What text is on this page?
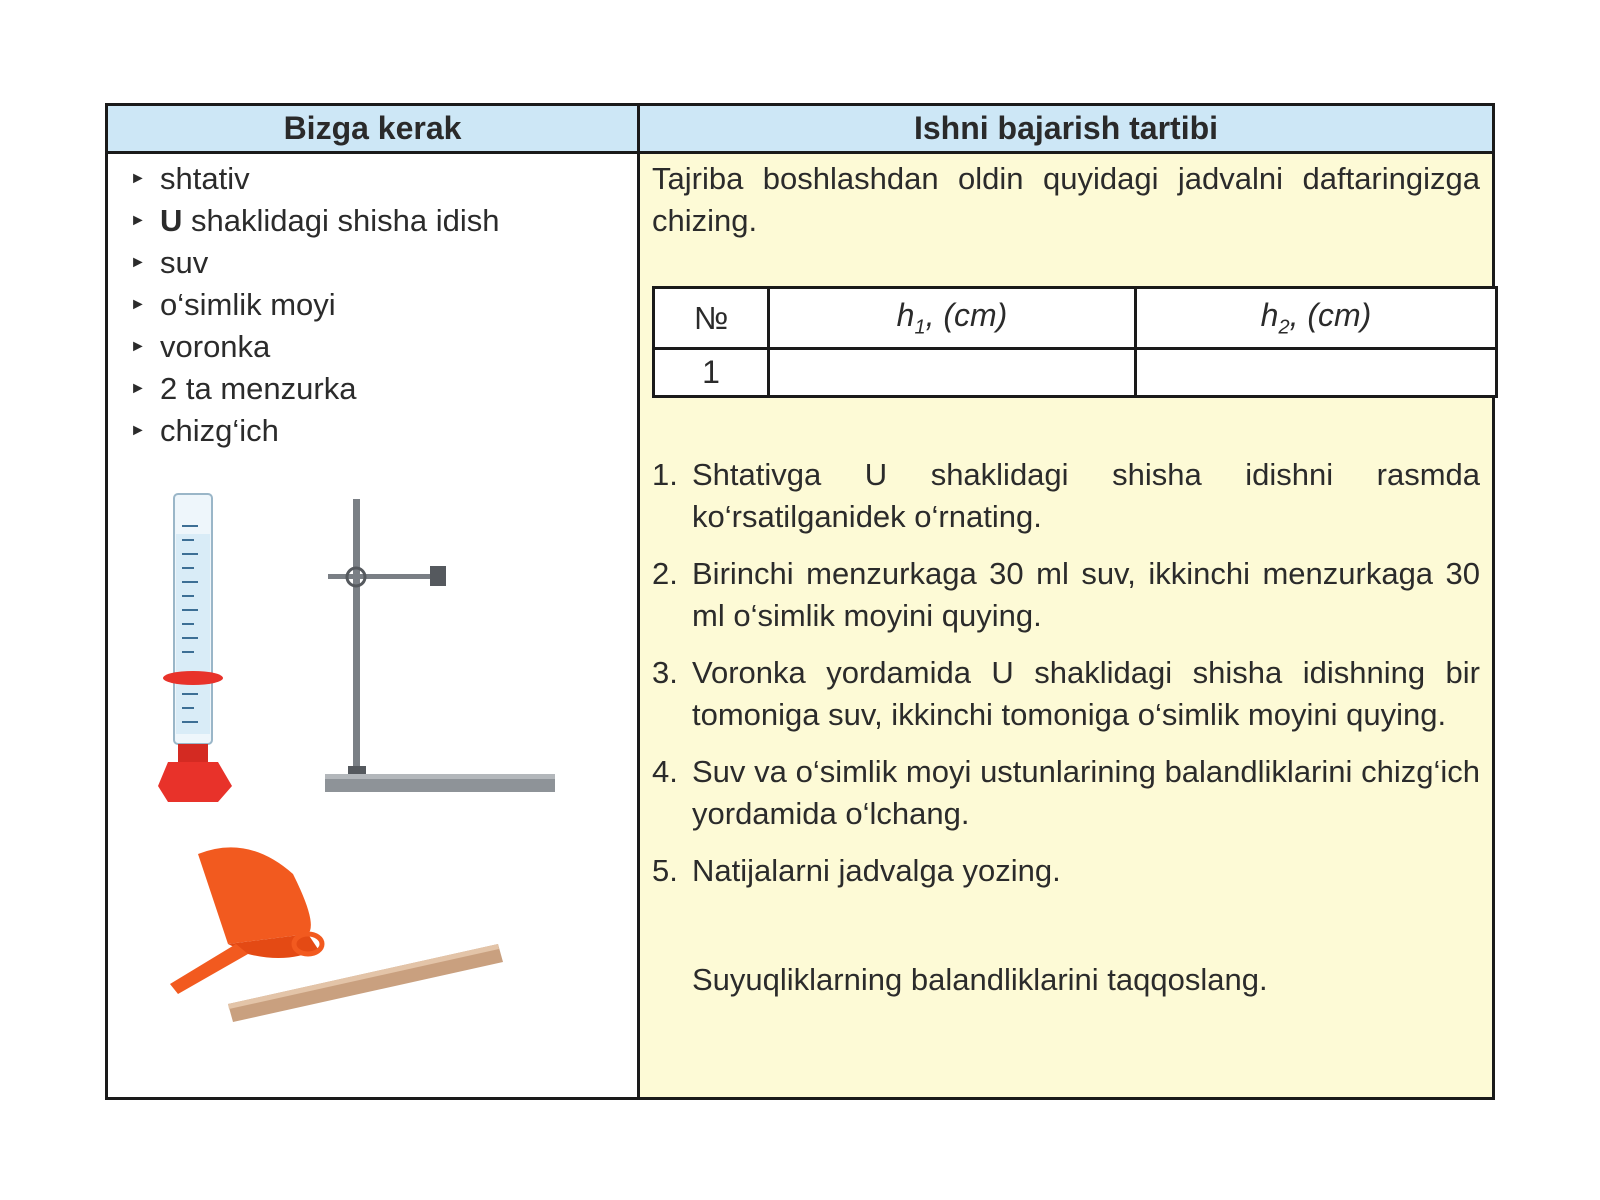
Bizga kerak	Ishni bajarish tartibi
► shtativ
► U shaklidagi shisha idish
► suv
► o‘simlik moyi
► voronka
► 2 ta menzurka
► chizg‘ich
Tajriba boshlashdan oldin quyidagi jadvalni daftaringizga chizing.
№	$h_1$, (cm)	$h_2$, (cm)
1		
1. Shtativga U shaklidagi shisha idishni rasmda ko‘rsatilganidek o‘rnating.
2. Birinchi menzurkaga 30 ml suv, ikkinchi menzurkaga 30 ml o‘simlik moyini quying.
3. Voronka yordamida U shaklidagi shisha idishning bir tomoniga suv, ikkinchi tomoniga o‘simlik moyini quying.
4. Suv va o‘simlik moyi ustunlarining balandliklarini chizg‘ich yordamida o‘lchang.
5. Natijalarni jadvalga yozing.
Suyuqliklarning balandliklarini taqqoslang.
